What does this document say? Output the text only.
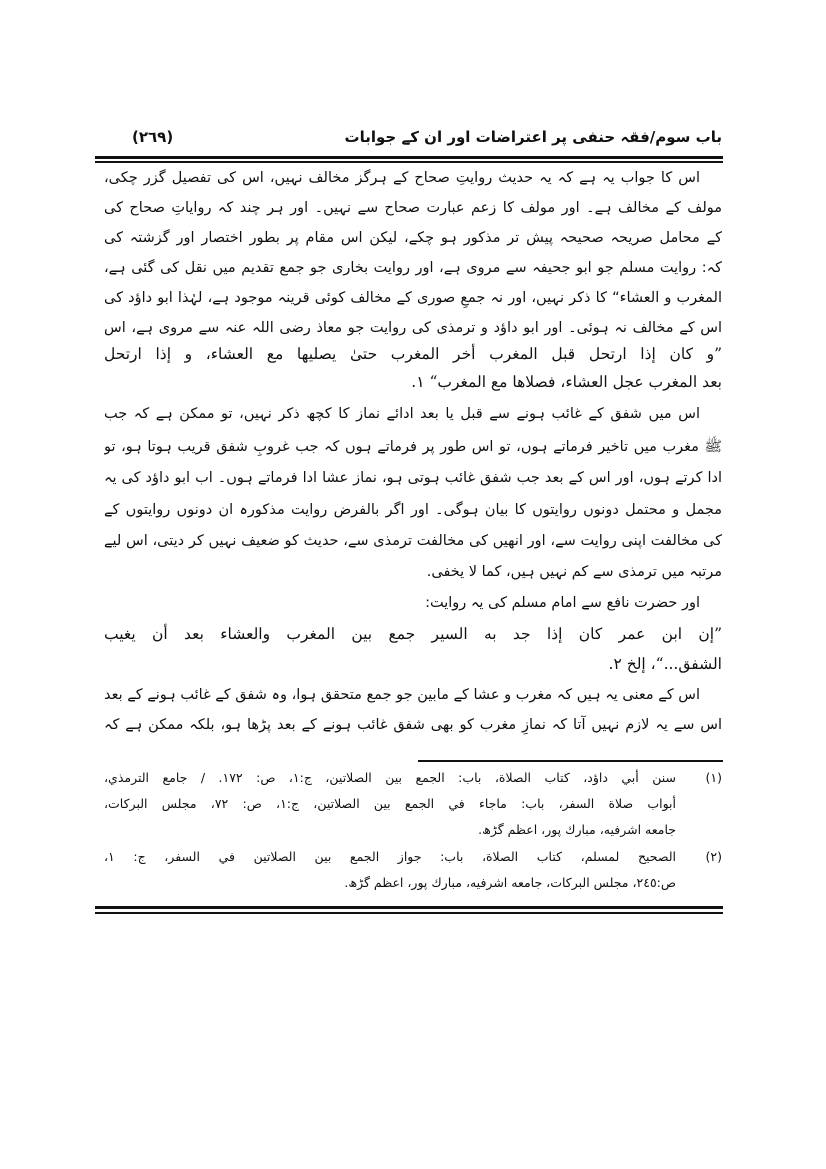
باب سوم/فقہ حنفی پر اعتراضات اور ان کے جوابات
(٢٦٩)
اس کا جواب یہ ہے کہ یہ حدیث روایتِ صحاح کے ہرگز مخالف نہیں، اس کی تفصیل گزر چکی،
مولف کے مخالف ہے۔ اور مولف کا زعم عبارت صحاح سے نہیں۔ اور ہر چند کہ روایاتِ صحاح کی
کے محامل صریحہ صحیحہ پیش تر مذکور ہو چکے، لیکن اس مقام پر بطور اختصار اور گزشتہ کی
کہ: روایت مسلم جو ابو جحیفہ سے مروی ہے، اور روایت بخاری جو جمع تقدیم میں نقل کی گئی ہے،
المغرب و العشاء“ کا ذکر نہیں، اور نہ جمعِ صوری کے مخالف کوئی قرینہ موجود ہے، لہٰذا ابو داؤد کی
اس کے مخالف نہ ہوئی۔ اور ابو داؤد و ترمذی کی روایت جو معاذ رضی اللہ عنہ سے مروی ہے، اس
”و كان إذا ارتحل قبل المغرب أخر المغرب حتىٰ يصليها مع العشاء، و إذا ارتحل
بعد المغرب عجل العشاء، فصلاها مع المغرب“ ١.
اس میں شفق کے غائب ہونے سے قبل یا بعد ادائے نماز کا کچھ ذکر نہیں، تو ممکن ہے کہ جب
ﷺ مغرب میں تاخیر فرماتے ہوں، تو اس طور پر فرماتے ہوں کہ جب غروبِ شفق قریب ہوتا ہو، تو
ادا کرتے ہوں، اور اس کے بعد جب شفق غائب ہوتی ہو، نماز عشا ادا فرماتے ہوں۔ اب ابو داؤد کی یہ
مجمل و محتمل دونوں روایتوں کا بیان ہوگی۔ اور اگر بالفرض روایت مذکورہ ان دونوں روایتوں کے
کی مخالفت اپنی روایت سے، اور انھیں کی مخالفت ترمذی سے، حدیث کو ضعیف نہیں کر دیتی، اس لیے
مرتبہ میں ترمذی سے کم نہیں ہیں، کما لا يخفى.
اور حضرت نافع سے امام مسلم کی یہ روایت:
”إن ابن عمر كان إذا جد به السير جمع بين المغرب والعشاء بعد أن يغيب
الشفق...“، إلخ ٢.
اس کے معنی یہ ہیں کہ مغرب و عشا کے مابین جو جمع متحقق ہوا، وہ شفق کے غائب ہونے کے بعد
اس سے یہ لازم نہیں آتا کہ نمازِ مغرب کو بھی شفق غائب ہونے کے بعد پڑھا ہو، بلکہ ممکن ہے کہ
(١)
سنن أبي داؤد، كتاب الصلاة، باب: الجمع بين الصلاتين، ج:١، ص: ١٧٢. / جامع الترمذي،
أبواب صلاة السفر، باب: ماجاء في الجمع بين الصلاتين، ج:١، ص: ٧٢، مجلس البركات،
جامعه اشرفيه، مبارك پور، اعظم گڑھ.
(٢)
الصحيح لمسلم، كتاب الصلاة، باب: جواز الجمع بين الصلاتين في السفر، ج: ١،
ص:٢٤٥، مجلس البركات، جامعه اشرفيه، مبارك پور، اعظم گڑھ.
